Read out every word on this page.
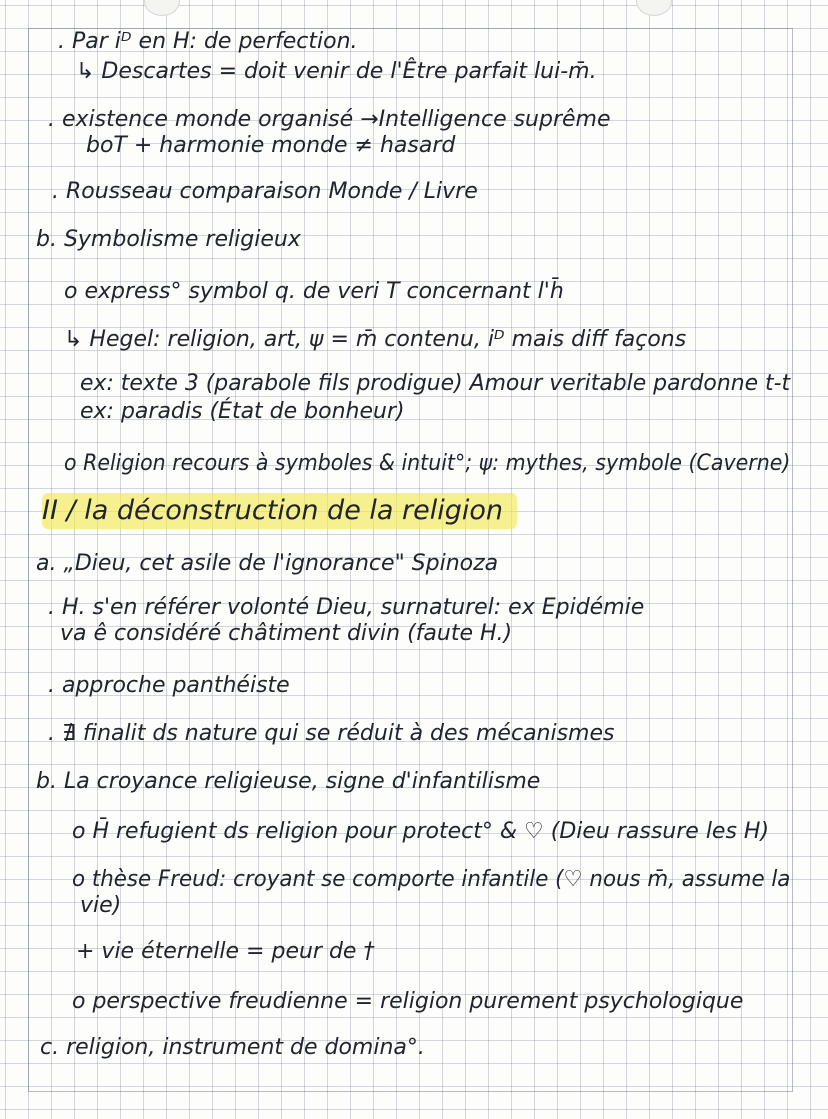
. Par iᴰ en H: de perfection.
↳ Descartes = doit venir de l'Être parfait lui-m̄.
. existence monde organisé →Intelligence suprême
boT + harmonie monde ≠ hasard
. Rousseau comparaison Monde / Livre
b. Symbolisme religieux
o express° symbol q. de veri T concernant l'h̄
↳ Hegel: religion, art, ψ = m̄ contenu, iᴰ mais diff façons
ex: texte 3 (parabole fils prodigue) Amour veritable pardonne t-t
ex: paradis (État de bonheur)
o Religion recours à symboles & intuit°; ψ: mythes, symbole (Caverne)
II / la déconstruction de la religion
a. „Dieu, cet asile de l'ignorance" Spinoza
. H. s'en référer volonté Dieu, surnaturel: ex Epidémie
va ê considéré châtiment divin (faute H.)
. approche panthéiste
. ∄ finalit ds nature qui se réduit à des mécanismes
b. La croyance religieuse, signe d'infantilisme
o H̄ refugient ds religion pour protect° & ♡ (Dieu rassure les H)
o thèse Freud: croyant se comporte infantile (♡ nous m̄, assume la
vie)
+ vie éternelle = peur de †
o perspective freudienne = religion purement psychologique
c. religion, instrument de domina°.
